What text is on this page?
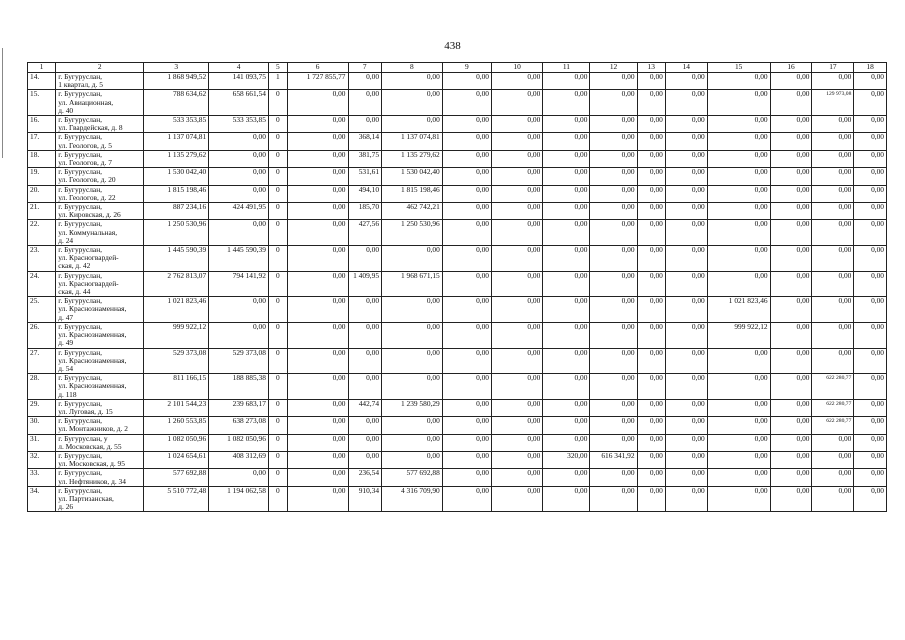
438
1	2	3	4	5	6	7	8	9	10	11	12	13	14	15	16	17	18
14.	г. Бугуруслан,
1 квартал, д. 5	1 868 949,52	141 093,75	1	1 727 855,77	0,00	0,00	0,00	0,00	0,00	0,00	0,00	0,00	0,00	0,00	0,00	0,00
15.	г. Бугуруслан,
ул. Авиационная,
д. 40	788 634,62	658 661,54	0	0,00	0,00	0,00	0,00	0,00	0,00	0,00	0,00	0,00	0,00	0,00	129 973,08	0,00
16.	г. Бугуруслан,
ул. Гвардейская, д. 8	533 353,85	533 353,85	0	0,00	0,00	0,00	0,00	0,00	0,00	0,00	0,00	0,00	0,00	0,00	0,00	0,00
17.	г. Бугуруслан,
ул. Геологов, д. 5	1 137 074,81	0,00	0	0,00	368,14	1 137 074,81	0,00	0,00	0,00	0,00	0,00	0,00	0,00	0,00	0,00	0,00
18.	г. Бугуруслан,
ул. Геологов, д. 7	1 135 279,62	0,00	0	0,00	381,75	1 135 279,62	0,00	0,00	0,00	0,00	0,00	0,00	0,00	0,00	0,00	0,00
19.	г. Бугуруслан,
ул. Геологов, д. 20	1 530 042,40	0,00	0	0,00	531,61	1 530 042,40	0,00	0,00	0,00	0,00	0,00	0,00	0,00	0,00	0,00	0,00
20.	г. Бугуруслан,
ул. Геологов, д. 22	1 815 198,46	0,00	0	0,00	494,10	1 815 198,46	0,00	0,00	0,00	0,00	0,00	0,00	0,00	0,00	0,00	0,00
21.	г. Бугуруслан,
ул. Кировская, д. 26	887 234,16	424 491,95	0	0,00	185,70	462 742,21	0,00	0,00	0,00	0,00	0,00	0,00	0,00	0,00	0,00	0,00
22.	г. Бугуруслан,
ул. Коммунальная,
д. 24	1 250 530,96	0,00	0	0,00	427,56	1 250 530,96	0,00	0,00	0,00	0,00	0,00	0,00	0,00	0,00	0,00	0,00
23.	г. Бугуруслан,
ул. Красногвардей-
ская, д. 42	1 445 590,39	1 445 590,39	0	0,00	0,00	0,00	0,00	0,00	0,00	0,00	0,00	0,00	0,00	0,00	0,00	0,00
24.	г. Бугуруслан,
ул. Красногвардей-
ская, д. 44	2 762 813,07	794 141,92	0	0,00	1 409,95	1 968 671,15	0,00	0,00	0,00	0,00	0,00	0,00	0,00	0,00	0,00	0,00
25.	г. Бугуруслан,
ул. Краснознаменная,
д. 47	1 021 823,46	0,00	0	0,00	0,00	0,00	0,00	0,00	0,00	0,00	0,00	0,00	1 021 823,46	0,00	0,00	0,00
26.	г. Бугуруслан,
ул. Краснознаменная,
д. 49	999 922,12	0,00	0	0,00	0,00	0,00	0,00	0,00	0,00	0,00	0,00	0,00	999 922,12	0,00	0,00	0,00
27.	г. Бугуруслан,
ул. Краснознаменная,
д. 54	529 373,08	529 373,08	0	0,00	0,00	0,00	0,00	0,00	0,00	0,00	0,00	0,00	0,00	0,00	0,00	0,00
28.	г. Бугуруслан,
ул. Краснознаменная,
д. 118	811 166,15	188 885,38	0	0,00	0,00	0,00	0,00	0,00	0,00	0,00	0,00	0,00	0,00	0,00	622 280,77	0,00
29.	г. Бугуруслан,
ул. Луговая, д. 15	2 101 544,23	239 683,17	0	0,00	442,74	1 239 580,29	0,00	0,00	0,00	0,00	0,00	0,00	0,00	0,00	622 280,77	0,00
30.	г. Бугуруслан,
ул. Монтажников, д. 2	1 260 553,85	638 273,08	0	0,00	0,00	0,00	0,00	0,00	0,00	0,00	0,00	0,00	0,00	0,00	622 280,77	0,00
31.	г. Бугуруслан, у
л. Московская, д. 55	1 082 050,96	1 082 050,96	0	0,00	0,00	0,00	0,00	0,00	0,00	0,00	0,00	0,00	0,00	0,00	0,00	0,00
32.	г. Бугуруслан,
ул. Московская, д. 95	1 024 654,61	408 312,69	0	0,00	0,00	0,00	0,00	0,00	320,00	616 341,92	0,00	0,00	0,00	0,00	0,00	0,00
33.	г. Бугуруслан,
ул. Нефтяников, д. 34	577 692,88	0,00	0	0,00	236,54	577 692,88	0,00	0,00	0,00	0,00	0,00	0,00	0,00	0,00	0,00	0,00
34.	г. Бугуруслан,
ул. Партизанская,
д. 26	5 510 772,48	1 194 062,58	0	0,00	910,34	4 316 709,90	0,00	0,00	0,00	0,00	0,00	0,00	0,00	0,00	0,00	0,00
